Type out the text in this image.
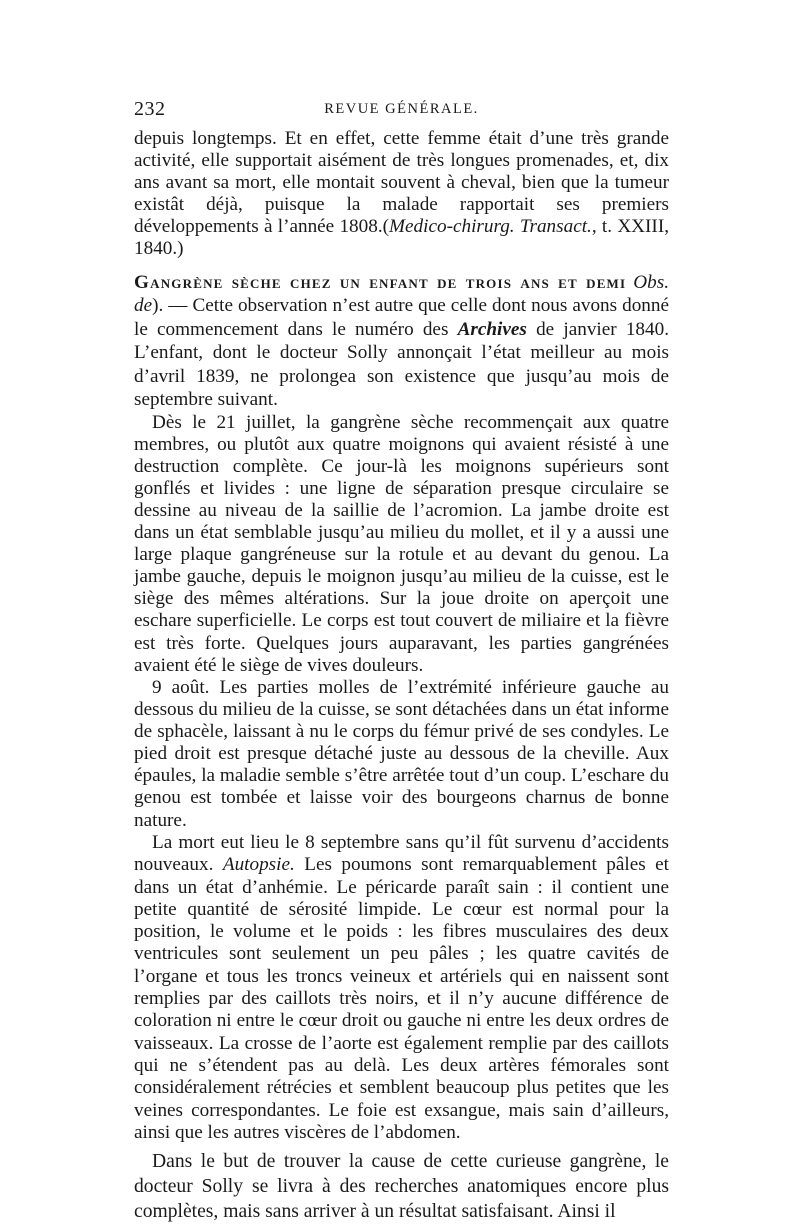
232	REVUE GÉNÉRALE.

depuis longtemps. Et en effet, cette femme était d’une très grande activité, elle supportait aisément de très longues promenades, et, dix ans avant sa mort, elle montait souvent à cheval, bien que la tumeur existât déjà, puisque la malade rapportait ses premiers développements à l’année 1808.(Medico-chirurg. Transact., t. XXIII, 1840.)

Gangrène sèche chez un enfant de trois ans et demi Obs. de). — Cette observation n’est autre que celle dont nous avons donné le commencement dans le numéro des Archives de janvier 1840. L’enfant, dont le docteur Solly annonçait l’état meilleur au mois d’avril 1839, ne prolongea son existence que jusqu’au mois de septembre suivant.

Dès le 21 juillet, la gangrène sèche recommençait aux quatre membres, ou plutôt aux quatre moignons qui avaient résisté à une destruction complète. Ce jour-là les moignons supérieurs sont gonflés et livides : une ligne de séparation presque circulaire se dessine au niveau de la saillie de l’acromion. La jambe droite est dans un état semblable jusqu’au milieu du mollet, et il y a aussi une large plaque gangréneuse sur la rotule et au devant du genou. La jambe gauche, depuis le moignon jusqu’au milieu de la cuisse, est le siège des mêmes altérations. Sur la joue droite on aperçoit une eschare superficielle. Le corps est tout couvert de miliaire et la fièvre est très forte. Quelques jours auparavant, les parties gangrénées avaient été le siège de vives douleurs.

9 août. Les parties molles de l’extrémité inférieure gauche au dessous du milieu de la cuisse, se sont détachées dans un état informe de sphacèle, laissant à nu le corps du fémur privé de ses condyles. Le pied droit est presque détaché juste au dessous de la cheville. Aux épaules, la maladie semble s’être arrêtée tout d’un coup. L’eschare du genou est tombée et laisse voir des bourgeons charnus de bonne nature.

La mort eut lieu le 8 septembre sans qu’il fût survenu d’accidents nouveaux. Autopsie. Les poumons sont remarquablement pâles et dans un état d’anhémie. Le péricarde paraît sain : il contient une petite quantité de sérosité limpide. Le cœur est normal pour la position, le volume et le poids : les fibres musculaires des deux ventricules sont seulement un peu pâles ; les quatre cavités de l’organe et tous les troncs veineux et artériels qui en naissent sont remplies par des caillots très noirs, et il n’y aucune différence de coloration ni entre le cœur droit ou gauche ni entre les deux ordres de vaisseaux. La crosse de l’aorte est également remplie par des caillots qui ne s’étendent pas au delà. Les deux artères fémorales sont considéralement rétrécies et semblent beaucoup plus petites que les veines correspondantes. Le foie est exsangue, mais sain d’ailleurs, ainsi que les autres viscères de l’abdomen.

Dans le but de trouver la cause de cette curieuse gangrène, le docteur Solly se livra à des recherches anatomiques encore plus complètes, mais sans arriver à un résultat satisfaisant. Ainsi il
